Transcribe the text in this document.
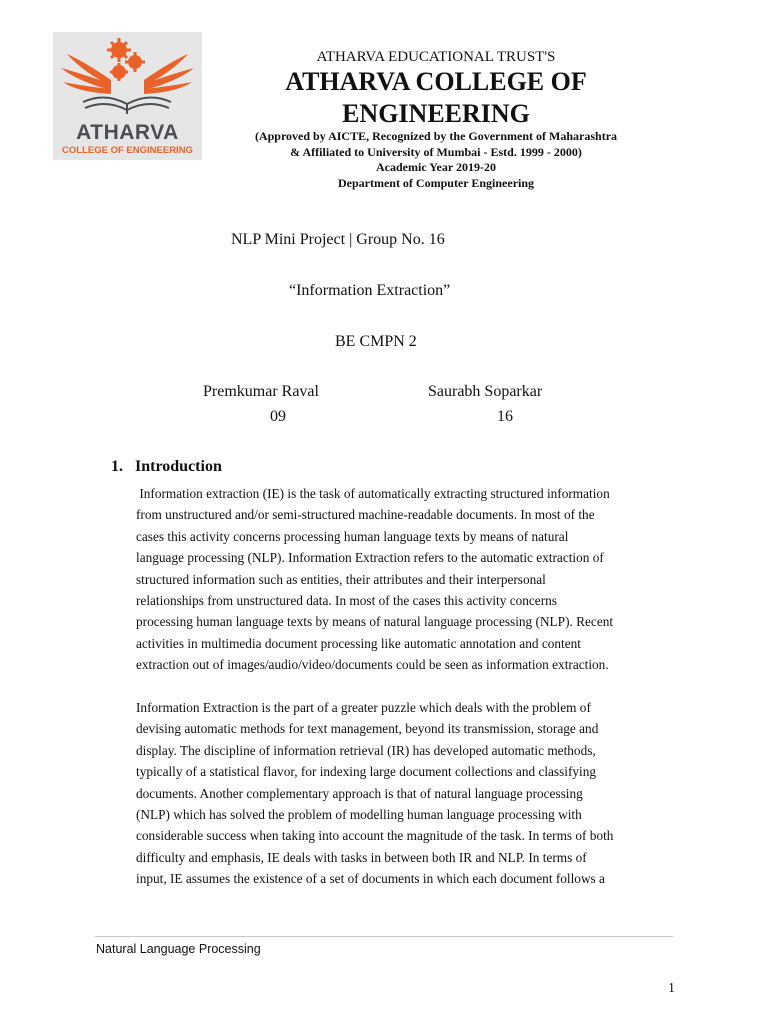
ATHARVA
COLLEGE OF ENGINEERING
ATHARVA EDUCATIONAL TRUST'S
ATHARVA COLLEGE OF
ENGINEERING
(Approved by AICTE, Recognized by the Government of Maharashtra
& Affiliated to University of Mumbai - Estd. 1999 - 2000)
Academic Year 2019-20
Department of Computer Engineering
NLP Mini Project | Group No. 16
“Information Extraction”
BE CMPN 2
Premkumar Raval	Saurabh Soparkar
09	16
1. Introduction
Information extraction (IE) is the task of automatically extracting structured information
from unstructured and/or semi-structured machine-readable documents. In most of the
cases this activity concerns processing human language texts by means of natural
language processing (NLP). Information Extraction refers to the automatic extraction of
structured information such as entities, their attributes and their interpersonal
relationships from unstructured data. In most of the cases this activity concerns
processing human language texts by means of natural language processing (NLP). Recent
activities in multimedia document processing like automatic annotation and content
extraction out of images/audio/video/documents could be seen as information extraction.
Information Extraction is the part of a greater puzzle which deals with the problem of
devising automatic methods for text management, beyond its transmission, storage and
display. The discipline of information retrieval (IR) has developed automatic methods,
typically of a statistical flavor, for indexing large document collections and classifying
documents. Another complementary approach is that of natural language processing
(NLP) which has solved the problem of modelling human language processing with
considerable success when taking into account the magnitude of the task. In terms of both
difficulty and emphasis, IE deals with tasks in between both IR and NLP. In terms of
input, IE assumes the existence of a set of documents in which each document follows a
Natural Language Processing
1
